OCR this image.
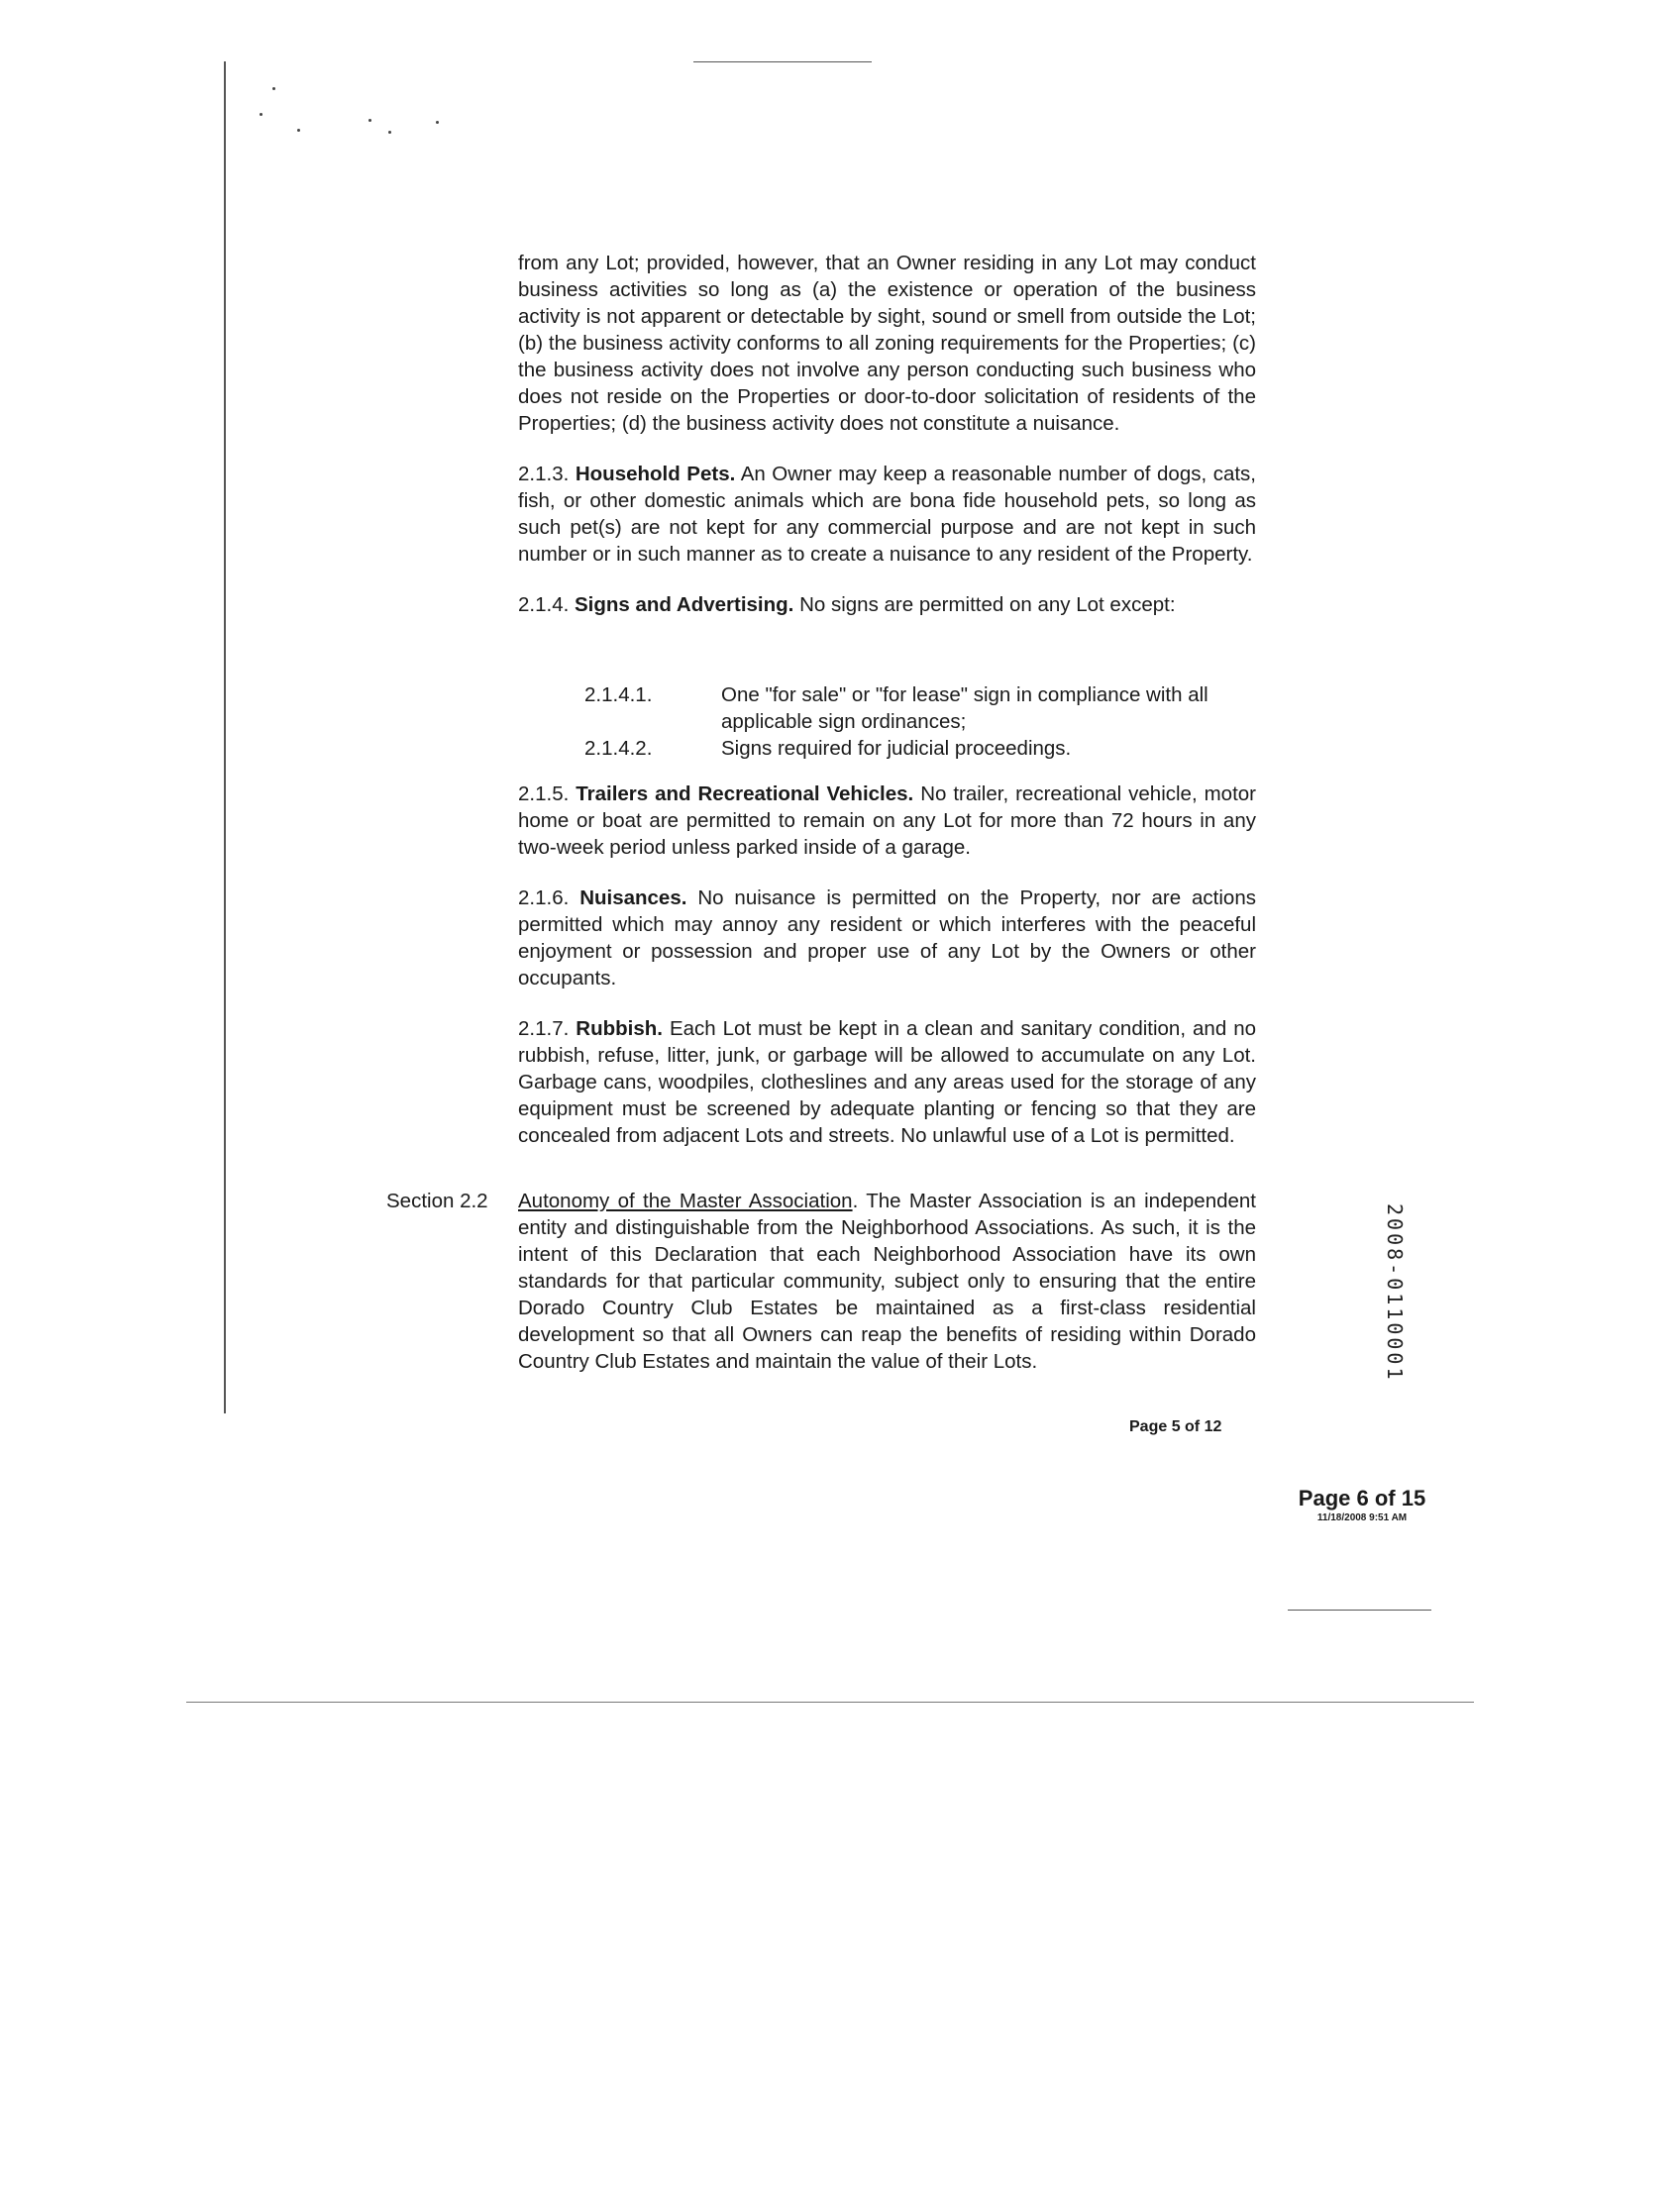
from any Lot; provided, however, that an Owner residing in any Lot may conduct business activities so long as (a) the existence or operation of the business activity is not apparent or detectable by sight, sound or smell from outside the Lot; (b) the business activity conforms to all zoning requirements for the Properties; (c) the business activity does not involve any person conducting such business who does not reside on the Properties or door-to-door solicitation of residents of the Properties; (d) the business activity does not constitute a nuisance.

2.1.3. Household Pets. An Owner may keep a reasonable number of dogs, cats, fish, or other domestic animals which are bona fide household pets, so long as such pet(s) are not kept for any commercial purpose and are not kept in such number or in such manner as to create a nuisance to any resident of the Property.

2.1.4. Signs and Advertising. No signs are permitted on any Lot except:

2.1.4.1.	One "for sale" or "for lease" sign in compliance with all applicable sign ordinances;
2.1.4.2.	Signs required for judicial proceedings.

2.1.5. Trailers and Recreational Vehicles. No trailer, recreational vehicle, motor home or boat are permitted to remain on any Lot for more than 72 hours in any two-week period unless parked inside of a garage.

2.1.6. Nuisances. No nuisance is permitted on the Property, nor are actions permitted which may annoy any resident or which interferes with the peaceful enjoyment or possession and proper use of any Lot by the Owners or other occupants.

2.1.7. Rubbish. Each Lot must be kept in a clean and sanitary condition, and no rubbish, refuse, litter, junk, or garbage will be allowed to accumulate on any Lot. Garbage cans, woodpiles, clotheslines and any areas used for the storage of any equipment must be screened by adequate planting or fencing so that they are concealed from adjacent Lots and streets. No unlawful use of a Lot is permitted.

Section 2.2 Autonomy of the Master Association. The Master Association is an independent entity and distinguishable from the Neighborhood Associations. As such, it is the intent of this Declaration that each Neighborhood Association have its own standards for that particular community, subject only to ensuring that the entire Dorado Country Club Estates be maintained as a first-class residential development so that all Owners can reap the benefits of residing within Dorado Country Club Estates and maintain the value of their Lots.

Page 5 of 12
Page 6 of 15
11/18/2008 9:51 AM
2008-0110001
